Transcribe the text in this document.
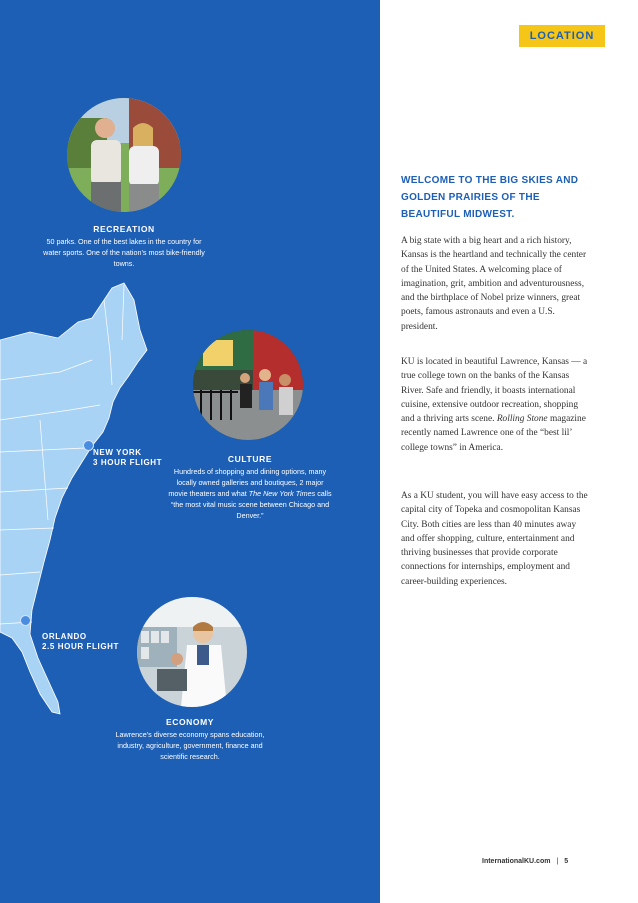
RECREATION
50 parks. One of the best lakes in the country for water sports. One of the nation’s most bike-friendly towns.
CULTURE
Hundreds of shopping and dining options, many locally owned galleries and boutiques, 2 major movie theaters and what The New York Times calls “the most vital music scene between Chicago and Denver.”
ECONOMY
Lawrence’s diverse economy spans education, industry, agriculture, government, finance and scientific research.
NEW YORK
3 HOUR FLIGHT
ORLANDO
2.5 HOUR FLIGHT
LOCATION
WELCOME TO THE BIG SKIES AND GOLDEN PRAIRIES OF THE BEAUTIFUL MIDWEST.

A big state with a big heart and a rich history, Kansas is the heartland and technically the center of the United States. A welcoming place of imagination, grit, ambition and adventurousness, and the birthplace of Nobel prize winners, great poets, famous astronauts and even a U.S. president.

KU is located in beautiful Lawrence, Kansas — a true college town on the banks of the Kansas River. Safe and friendly, it boasts international cuisine, extensive outdoor recreation, shopping and a thriving arts scene. Rolling Stone magazine recently named Lawrence one of the “best lil’ college towns” in America.

As a KU student, you will have easy access to the capital city of Topeka and cosmopolitan Kansas City. Both cities are less than 40 minutes away and offer shopping, culture, entertainment and thriving businesses that provide corporate connections for internships, employment and career-building experiences.

InternationalKU.com | 5
